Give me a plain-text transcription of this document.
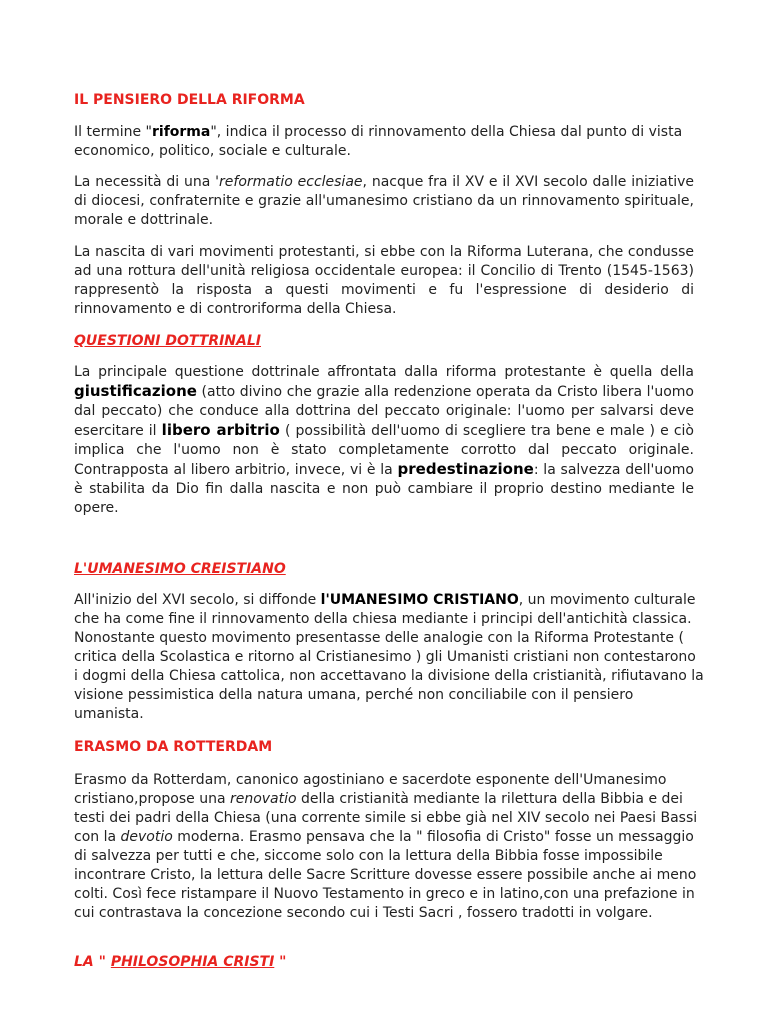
IL PENSIERO DELLA RIFORMA

Il termine "riforma", indica il processo di rinnovamento della Chiesa dal punto di vista economico, politico, sociale e culturale.

La necessità di una 'reformatio ecclesiae, nacque fra il XV e il XVI secolo dalle iniziative di diocesi, confraternite e grazie all'umanesimo cristiano da un rinnovamento spirituale, morale e dottrinale.

La nascita di vari movimenti protestanti, si ebbe con la Riforma Luterana, che condusse ad una rottura dell'unità religiosa occidentale europea: il Concilio di Trento (1545-1563) rappresentò la risposta a questi movimenti e fu l'espressione di desiderio di rinnovamento e di controriforma della Chiesa.

QUESTIONI DOTTRINALI

La principale questione dottrinale affrontata dalla riforma protestante è quella della giustificazione (atto divino che grazie alla redenzione operata da Cristo libera l'uomo dal peccato) che conduce alla dottrina del peccato originale: l'uomo per salvarsi deve esercitare il libero arbitrio ( possibilità dell'uomo di scegliere tra bene e male ) e ciò implica che l'uomo non è stato completamente corrotto dal peccato originale. Contrapposta al libero arbitrio, invece, vi è la predestinazione: la salvezza dell'uomo è stabilita da Dio fin dalla nascita e non può cambiare il proprio destino mediante le opere.

L'UMANESIMO CREISTIANO

All'inizio del XVI secolo, si diffonde l'UMANESIMO CRISTIANO, un movimento culturale che ha come fine il rinnovamento della chiesa mediante i principi dell'antichità classica. Nonostante questo movimento presentasse delle analogie con la Riforma Protestante ( critica della Scolastica e ritorno al Cristianesimo ) gli Umanisti cristiani non contestarono i dogmi della Chiesa cattolica, non accettavano la divisione della cristianità, rifiutavano la visione pessimistica della natura umana, perché non conciliabile con il pensiero umanista.

ERASMO DA ROTTERDAM

Erasmo da Rotterdam, canonico agostiniano e sacerdote esponente dell'Umanesimo cristiano,propose una renovatio della cristianità mediante la rilettura della Bibbia e dei testi dei padri della Chiesa (una corrente simile si ebbe già nel XIV secolo nei Paesi Bassi con la devotio moderna. Erasmo pensava che la " filosofia di Cristo" fosse un messaggio di salvezza per tutti e che, siccome solo con la lettura della Bibbia fosse impossibile incontrare Cristo, la lettura delle Sacre Scritture dovesse essere possibile anche ai meno colti. Così fece ristampare il Nuovo Testamento in greco e in latino,con una prefazione in cui contrastava la concezione secondo cui i Testi Sacri , fossero tradotti in volgare.

LA " PHILOSOPHIA CRISTI "
